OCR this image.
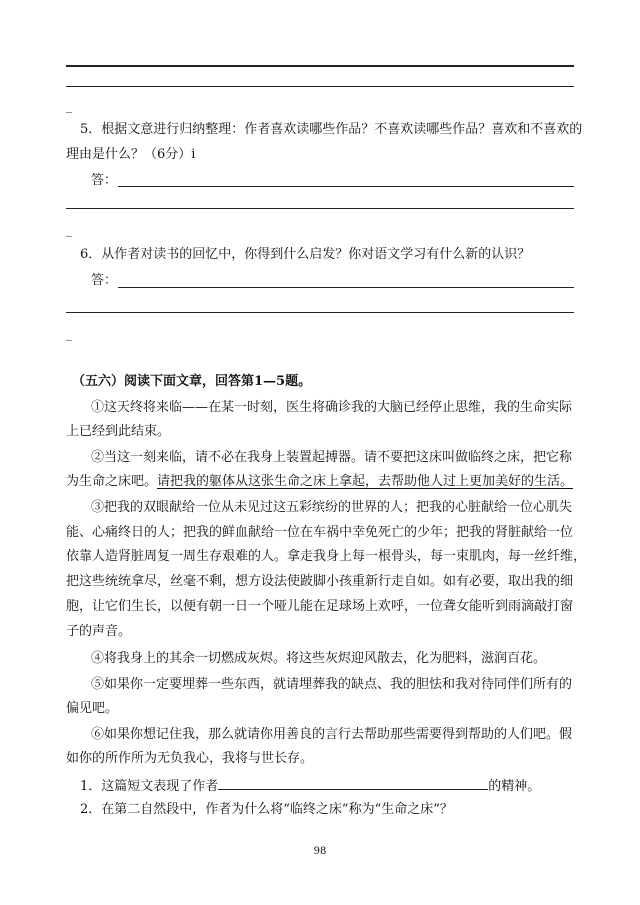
_
5．根据文意进行归纳整理：作者喜欢读哪些作品？不喜欢读哪些作品？喜欢和不喜欢的
理由是什么？（6分）i
答：
_
6．从作者对读书的回忆中，你得到什么启发？你对语文学习有什么新的认识？
答：
_
（五六）阅读下面文章，回答第1—5题。
①这天终将来临——在某一时刻，医生将确诊我的大脑已经停止思维，我的生命实际
上已经到此结束。
②当这一刻来临，请不必在我身上装置起搏器。请不要把这床叫做临终之床，把它称
为生命之床吧。请把我的躯体从这张生命之床上拿起，去帮助他人过上更加美好的生活。
③把我的双眼献给一位从未见过这五彩缤纷的世界的人；把我的心脏献给一位心肌失
能、心痛终日的人；把我的鲜血献给一位在车祸中幸免死亡的少年；把我的肾脏献给一位
依靠人造肾脏周复一周生存艰难的人。拿走我身上每一根骨头，每一束肌肉，每一丝纤维，
把这些统统拿尽，丝毫不剩，想方设法使跛脚小孩重新行走自如。如有必要，取出我的细
胞，让它们生长，以便有朝一日一个哑儿能在足球场上欢呼，一位聋女能听到雨滴敲打窗
子的声音。
④将我身上的其余一切燃成灰烬。将这些灰烬迎风散去，化为肥料，滋润百花。
⑤如果你一定要埋葬一些东西，就请埋葬我的缺点、我的胆怯和我对待同伴们所有的
偏见吧。
⑥如果你想记住我，那么就请你用善良的言行去帮助那些需要得到帮助的人们吧。假
如你的所作所为无负我心，我将与世长存。
1．这篇短文表现了作者	的精神。
2．在第二自然段中，作者为什么将“临终之床”称为“生命之床”？
98
